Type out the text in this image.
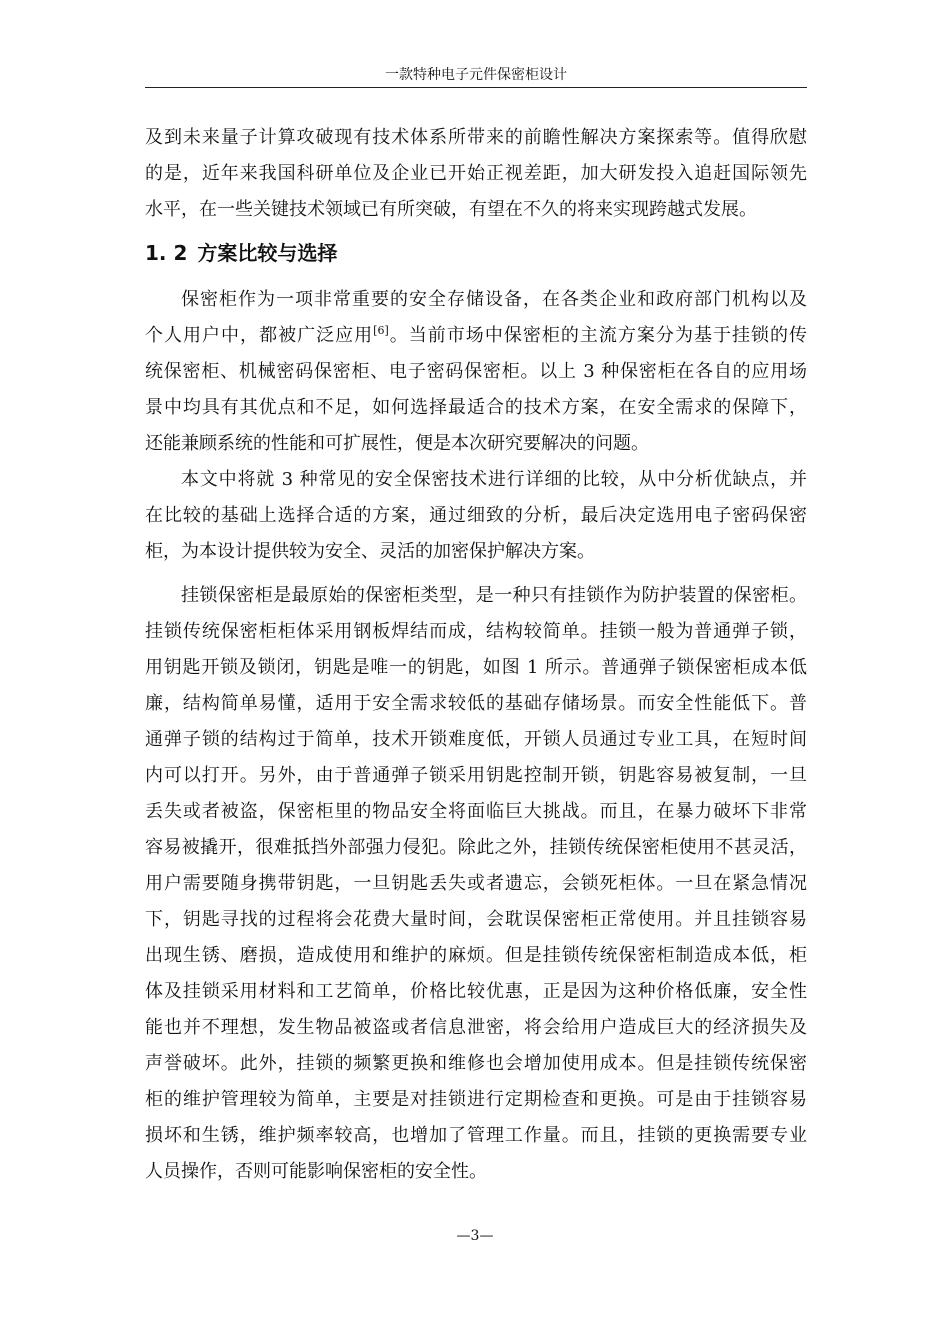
一款特种电子元件保密柜设计
及到未来量子计算攻破现有技术体系所带来的前瞻性解决方案探索等。值得欣慰
的是，近年来我国科研单位及企业已开始正视差距，加大研发投入追赶国际领先
水平，在一些关键技术领域已有所突破，有望在不久的将来实现跨越式发展。
1. 2 方案比较与选择
保密柜作为一项非常重要的安全存储设备，在各类企业和政府部门机构以及
个人用户中，都被广泛应用[6]。当前市场中保密柜的主流方案分为基于挂锁的传
统保密柜、机械密码保密柜、电子密码保密柜。以上 3 种保密柜在各自的应用场
景中均具有其优点和不足，如何选择最适合的技术方案，在安全需求的保障下，
还能兼顾系统的性能和可扩展性，便是本次研究要解决的问题。
本文中将就 3 种常见的安全保密技术进行详细的比较，从中分析优缺点，并
在比较的基础上选择合适的方案，通过细致的分析，最后决定选用电子密码保密
柜，为本设计提供较为安全、灵活的加密保护解决方案。
挂锁保密柜是最原始的保密柜类型，是一种只有挂锁作为防护装置的保密柜。
挂锁传统保密柜柜体采用钢板焊结而成，结构较简单。挂锁一般为普通弹子锁，
用钥匙开锁及锁闭，钥匙是唯一的钥匙，如图 1 所示。普通弹子锁保密柜成本低
廉，结构简单易懂，适用于安全需求较低的基础存储场景。而安全性能低下。普
通弹子锁的结构过于简单，技术开锁难度低，开锁人员通过专业工具，在短时间
内可以打开。另外，由于普通弹子锁采用钥匙控制开锁，钥匙容易被复制，一旦
丢失或者被盗，保密柜里的物品安全将面临巨大挑战。而且，在暴力破坏下非常
容易被撬开，很难抵挡外部强力侵犯。除此之外，挂锁传统保密柜使用不甚灵活，
用户需要随身携带钥匙，一旦钥匙丢失或者遗忘，会锁死柜体。一旦在紧急情况
下，钥匙寻找的过程将会花费大量时间，会耽误保密柜正常使用。并且挂锁容易
出现生锈、磨损，造成使用和维护的麻烦。但是挂锁传统保密柜制造成本低，柜
体及挂锁采用材料和工艺简单，价格比较优惠，正是因为这种价格低廉，安全性
能也并不理想，发生物品被盗或者信息泄密，将会给用户造成巨大的经济损失及
声誉破坏。此外，挂锁的频繁更换和维修也会增加使用成本。但是挂锁传统保密
柜的维护管理较为简单，主要是对挂锁进行定期检查和更换。可是由于挂锁容易
损坏和生锈，维护频率较高，也增加了管理工作量。而且，挂锁的更换需要专业
人员操作，否则可能影响保密柜的安全性。
—3—
